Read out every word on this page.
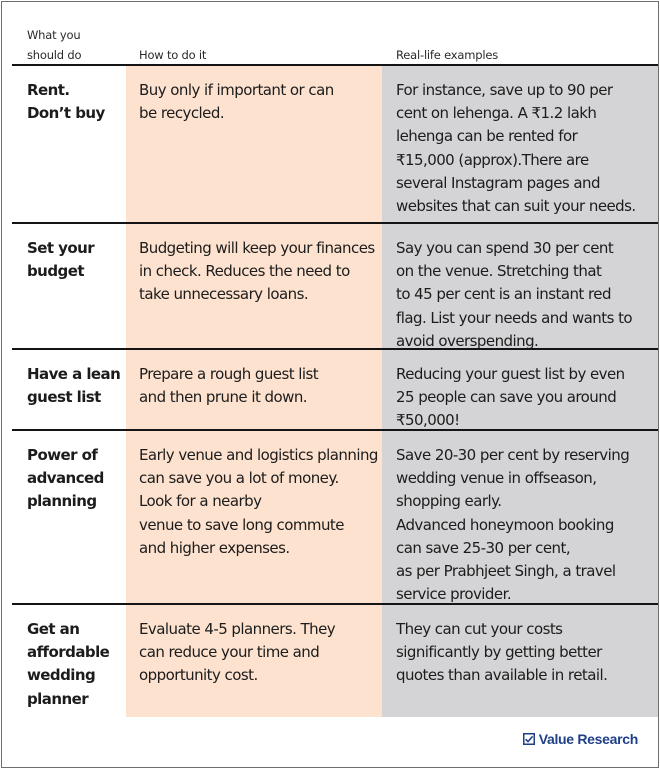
What you
should do	How to do it	Real-life examples
Rent.
Don’t buy
Buy only if important or can
be recycled.
For instance, save up to 90 per
cent on lehenga. A ₹1.2 lakh
lehenga can be rented for
₹15,000 (approx).There are
several Instagram pages and
websites that can suit your needs.
Set your
budget
Budgeting will keep your finances
in check. Reduces the need to
take unnecessary loans.
Say you can spend 30 per cent
on the venue. Stretching that
to 45 per cent is an instant red
flag. List your needs and wants to
avoid overspending.
Have a lean
guest list
Prepare a rough guest list
and then prune it down.
Reducing your guest list by even
25 people can save you around
₹50,000!
Power of
advanced
planning
Early venue and logistics planning
can save you a lot of money.
Look for a nearby
venue to save long commute
and higher expenses.
Save 20-30 per cent by reserving
wedding venue in offseason,
shopping early.
Advanced honeymoon booking
can save 25-30 per cent,
as per Prabhjeet Singh, a travel
service provider.
Get an
affordable
wedding
planner
Evaluate 4-5 planners. They
can reduce your time and
opportunity cost.
They can cut your costs
significantly by getting better
quotes than available in retail.
Value Research
